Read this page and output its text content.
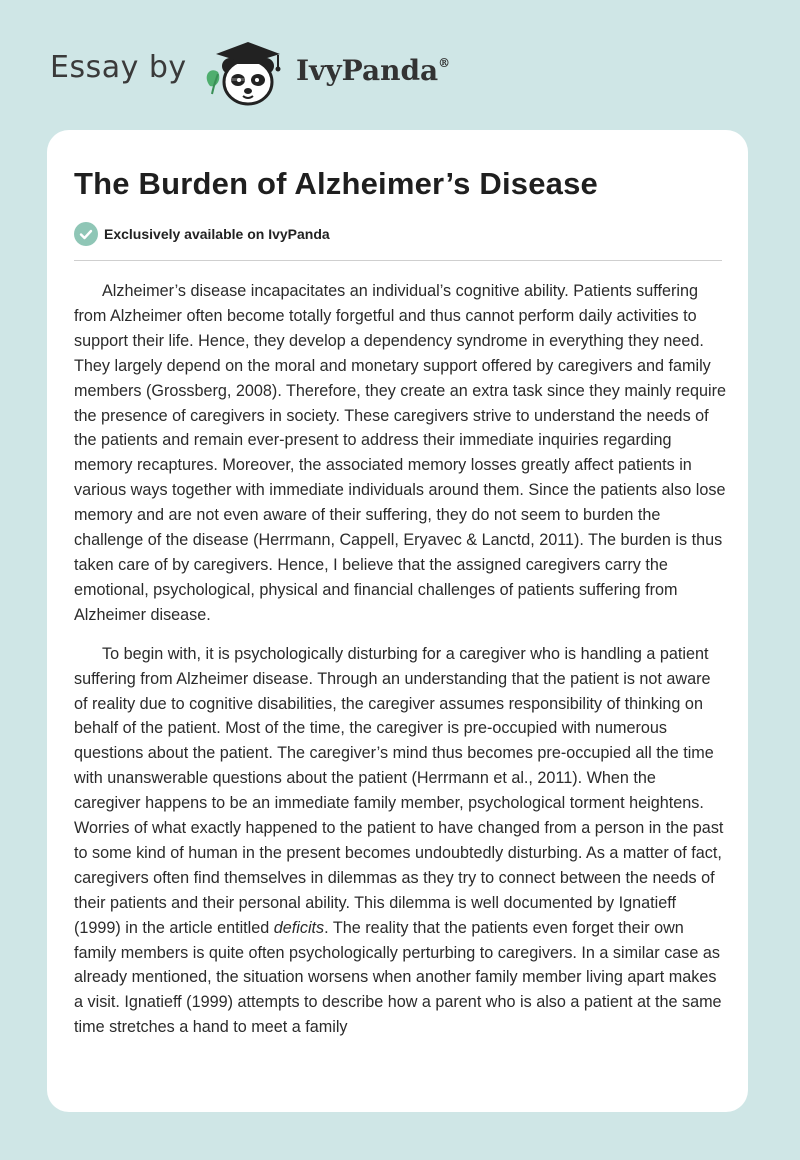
Essay by	IvyPanda®
The Burden of Alzheimer’s Disease
Exclusively available on IvyPanda

Alzheimer’s disease incapacitates an individual’s cognitive ability. Patients suffering from Alzheimer often become totally forgetful and thus cannot perform daily activities to support their life. Hence, they develop a dependency syndrome in everything they need. They largely depend on the moral and monetary support offered by caregivers and family members (Grossberg, 2008). Therefore, they create an extra task since they mainly require the presence of caregivers in society. These caregivers strive to understand the needs of the patients and remain ever-present to address their immediate inquiries regarding memory recaptures. Moreover, the associated memory losses greatly affect patients in various ways together with immediate individuals around them. Since the patients also lose memory and are not even aware of their suffering, they do not seem to burden the challenge of the disease (Herrmann, Cappell, Eryavec & Lanctd, 2011). The burden is thus taken care of by caregivers. Hence, I believe that the assigned caregivers carry the emotional, psychological, physical and financial challenges of patients suffering from Alzheimer disease.

To begin with, it is psychologically disturbing for a caregiver who is handling a patient suffering from Alzheimer disease. Through an understanding that the patient is not aware of reality due to cognitive disabilities, the caregiver assumes responsibility of thinking on behalf of the patient. Most of the time, the caregiver is pre-occupied with numerous questions about the patient. The caregiver’s mind thus becomes pre-occupied all the time with unanswerable questions about the patient (Herrmann et al., 2011). When the caregiver happens to be an immediate family member, psychological torment heightens. Worries of what exactly happened to the patient to have changed from a person in the past to some kind of human in the present becomes undoubtedly disturbing. As a matter of fact, caregivers often find themselves in dilemmas as they try to connect between the needs of their patients and their personal ability. This dilemma is well documented by Ignatieff (1999) in the article entitled deficits. The reality that the patients even forget their own family members is quite often psychologically perturbing to caregivers. In a similar case as already mentioned, the situation worsens when another family member living apart makes a visit. Ignatieff (1999) attempts to describe how a parent who is also a patient at the same time stretches a hand to meet a family
